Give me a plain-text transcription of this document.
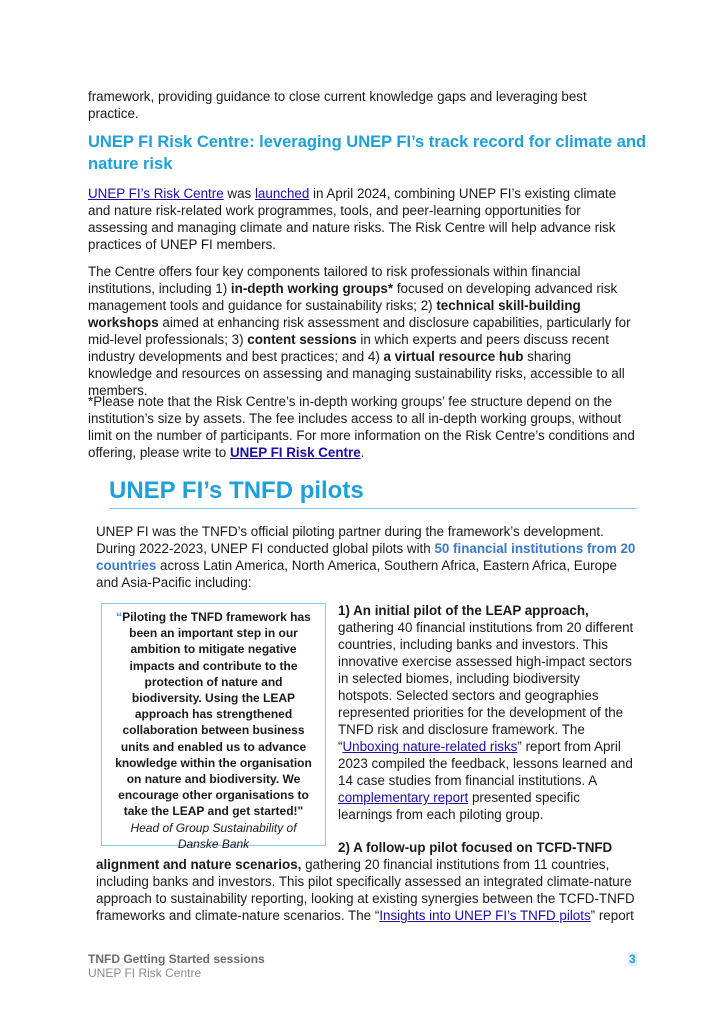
framework, providing guidance to close current knowledge gaps and leveraging best practice.

UNEP FI Risk Centre: leveraging UNEP FI’s track record for climate and nature risk

UNEP FI’s Risk Centre was launched in April 2024, combining UNEP FI’s existing climate and nature risk-related work programmes, tools, and peer-learning opportunities for assessing and managing climate and nature risks. The Risk Centre will help advance risk practices of UNEP FI members.

The Centre offers four key components tailored to risk professionals within financial institutions, including 1) in-depth working groups* focused on developing advanced risk management tools and guidance for sustainability risks; 2) technical skill-building workshops aimed at enhancing risk assessment and disclosure capabilities, particularly for mid-level professionals; 3) content sessions in which experts and peers discuss recent industry developments and best practices; and 4) a virtual resource hub sharing knowledge and resources on assessing and managing sustainability risks, accessible to all members.

*Please note that the Risk Centre’s in-depth working groups’ fee structure depend on the institution’s size by assets. The fee includes access to all in-depth working groups, without limit on the number of participants. For more information on the Risk Centre’s conditions and offering, please write to UNEP FI Risk Centre.

UNEP FI’s TNFD pilots

UNEP FI was the TNFD’s official piloting partner during the framework’s development. During 2022-2023, UNEP FI conducted global pilots with 50 financial institutions from 20 countries across Latin America, North America, Southern Africa, Eastern Africa, Europe and Asia-Pacific including:

“Piloting the TNFD framework has been an important step in our ambition to mitigate negative impacts and contribute to the protection of nature and biodiversity. Using the LEAP approach has strengthened collaboration between business units and enabled us to advance knowledge within the organisation on nature and biodiversity. We encourage other organisations to take the LEAP and get started!"

Head of Group Sustainability of Danske Bank

1) An initial pilot of the LEAP approach, gathering 40 financial institutions from 20 different countries, including banks and investors. This innovative exercise assessed high-impact sectors in selected biomes, including biodiversity hotspots. Selected sectors and geographies represented priorities for the development of the TNFD risk and disclosure framework. The “Unboxing nature-related risks” report from April 2023 compiled the feedback, lessons learned and 14 case studies from financial institutions. A complementary report presented specific learnings from each piloting group.

2) A follow-up pilot focused on TCFD-TNFD

alignment and nature scenarios, gathering 20 financial institutions from 11 countries, including banks and investors. This pilot specifically assessed an integrated climate-nature approach to sustainability reporting, looking at existing synergies between the TCFD-TNFD frameworks and climate-nature scenarios. The “Insights into UNEP FI’s TNFD pilots” report

TNFD Getting Started sessions

UNEP FI Risk Centre

3
